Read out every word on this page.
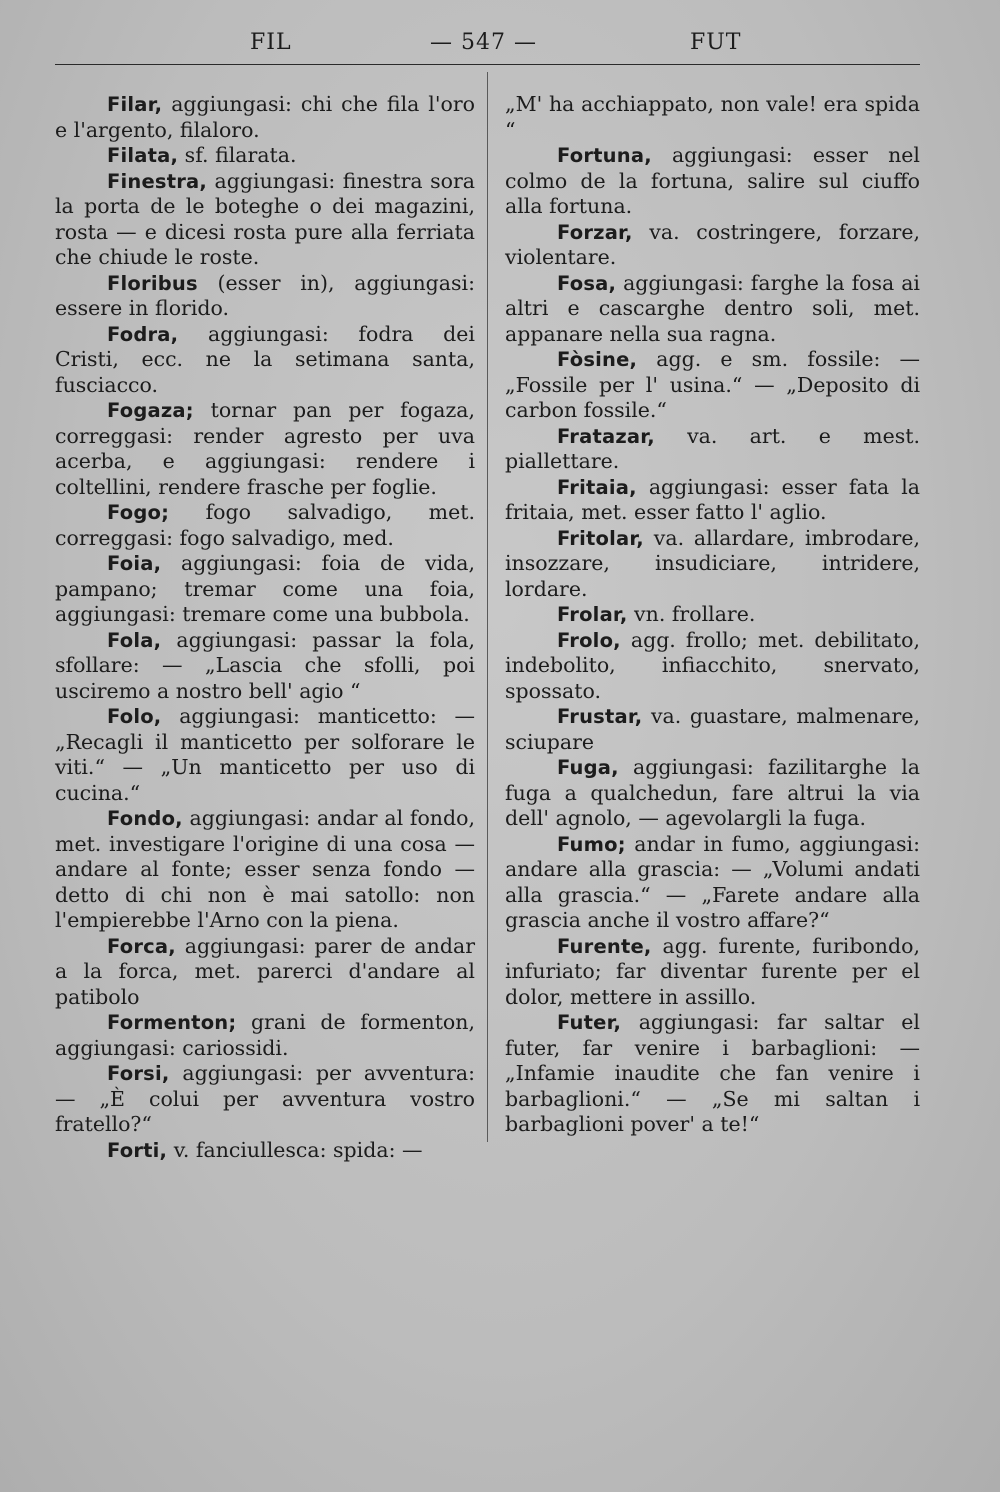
FIL	— 547 —	FUT

Filar, aggiungasi: chi che fila l'oro e l'argento, filaloro.

Filata, sf. filarata.

Finestra, aggiungasi: finestra sora la porta de le boteghe o dei magazini, rosta — e dicesi rosta pure alla ferriata che chiude le roste.

Floribus (esser in), aggiungasi: essere in florido.

Fodra, aggiungasi: fodra dei Cristi, ecc. ne la setimana santa, fusciacco.

Fogaza; tornar pan per fogaza, correggasi: render agresto per uva acerba, e aggiungasi: rendere i coltellini, rendere frasche per foglie.

Fogo; fogo salvadigo, met. correggasi: fogo salvadigo, med.

Foia, aggiungasi: foia de vida, pampano; tremar come una foia, aggiungasi: tremare come una bubbola.

Fola, aggiungasi: passar la fola, sfollare: — „Lascia che sfolli, poi usciremo a nostro bell' agio “

Folo, aggiungasi: manticetto: — „Recagli il manticetto per solforare le viti.“ — „Un manticetto per uso di cucina.“

Fondo, aggiungasi: andar al fondo, met. investigare l'origine di una cosa — andare al fonte; esser senza fondo — detto di chi non è mai satollo: non l'empierebbe l'Arno con la piena.

Forca, aggiungasi: parer de andar a la forca, met. parerci d'andare al patibolo

Formenton; grani de formenton, aggiungasi: cariossidi.

Forsi, aggiungasi: per avventura: — „È colui per avventura vostro fratello?“

Forti, v. fanciullesca: spida: —

„M' ha acchiappato, non vale! era spida “

Fortuna, aggiungasi: esser nel colmo de la fortuna, salire sul ciuffo alla fortuna.

Forzar, va. costringere, forzare, violentare.

Fosa, aggiungasi: farghe la fosa ai altri e cascarghe dentro soli, met. appanare nella sua ragna.

Fòsine, agg. e sm. fossile: — „Fossile per l' usina.“ — „Deposito di carbon fossile.“

Fratazar, va. art. e mest. piallettare.

Fritaia, aggiungasi: esser fata la fritaia, met. esser fatto l' aglio.

Fritolar, va. allardare, imbrodare, insozzare, insudiciare, intridere, lordare.

Frolar, vn. frollare.

Frolo, agg. frollo; met. debilitato, indebolito, infiacchito, snervato, spossato.

Frustar, va. guastare, malmenare, sciupare

Fuga, aggiungasi: fazilitarghe la fuga a qualchedun, fare altrui la via dell' agnolo, — agevolargli la fuga.

Fumo; andar in fumo, aggiungasi: andare alla grascia: — „Volumi andati alla grascia.“ — „Farete andare alla grascia anche il vostro affare?“

Furente, agg. furente, furibondo, infuriato; far diventar furente per el dolor, mettere in assillo.

Futer, aggiungasi: far saltar el futer, far venire i barbaglioni: — „Infamie inaudite che fan venire i barbaglioni.“ — „Se mi saltan i barbaglioni pover' a te!“
